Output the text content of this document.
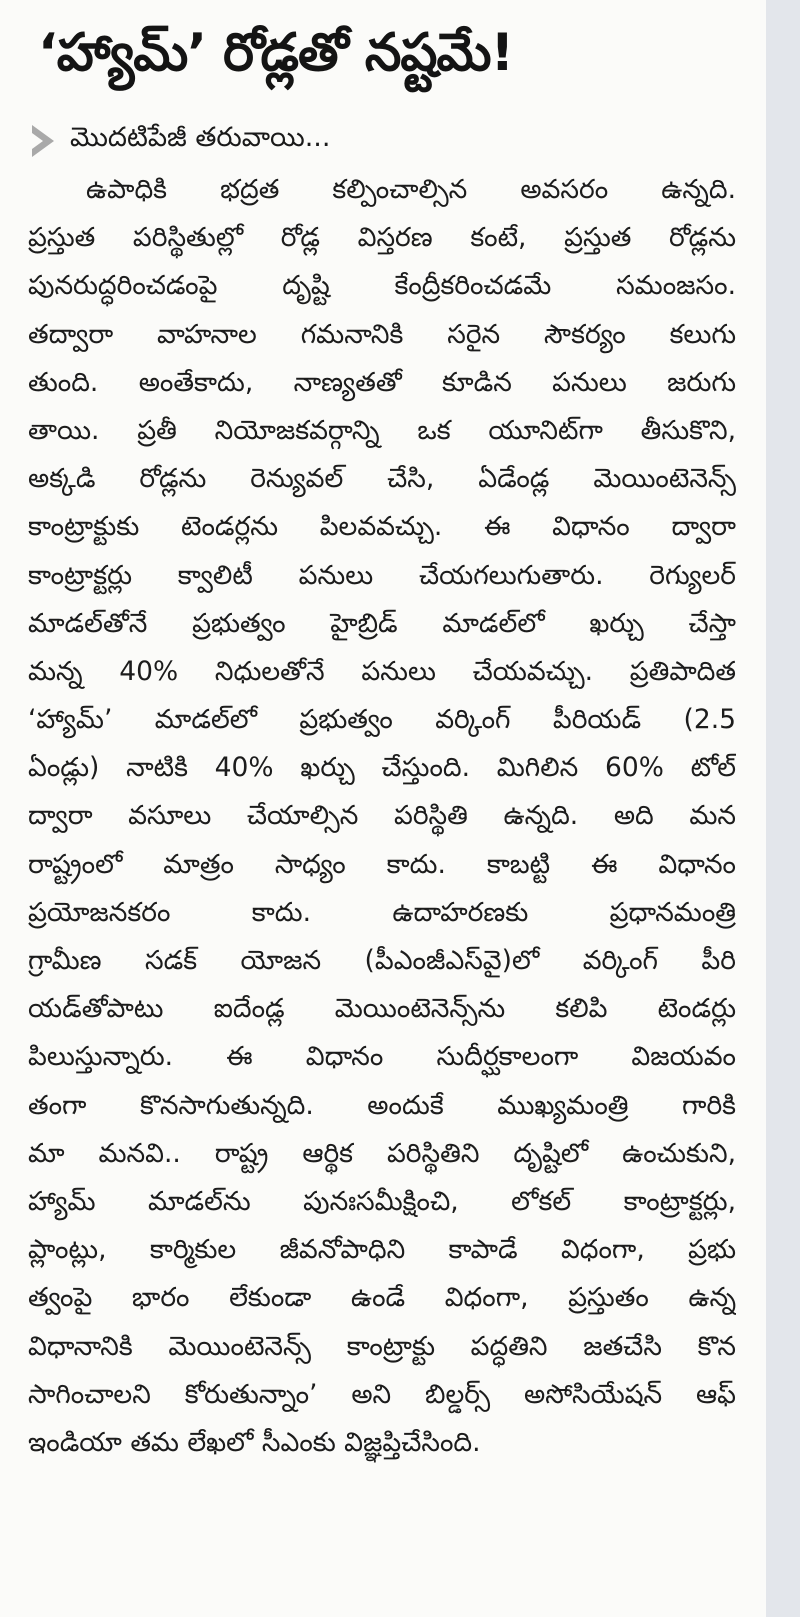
‘హ్యామ్’ రోడ్లతో నష్టమే!
మొదటిపేజీ తరువాయి...
ఉపాధికి భద్రత కల్పించాల్సిన అవసరం ఉన్నది.
ప్రస్తుత పరిస్థితుల్లో రోడ్ల విస్తరణ కంటే, ప్రస్తుత రోడ్లను
పునరుద్ధరించడంపై దృష్టి కేంద్రీకరించడమే సమంజసం.
తద్వారా వాహనాల గమనానికి సరైన సౌకర్యం కలుగు
తుంది. అంతేకాదు, నాణ్యతతో కూడిన పనులు జరుగు
తాయి. ప్రతీ నియోజకవర్గాన్ని ఒక యూనిట్‌గా తీసుకొని,
అక్కడి రోడ్లను రెన్యువల్ చేసి, ఏడేండ్ల మెయింటెనెన్స్
కాంట్రాక్టుకు టెండర్లను పిలవవచ్చు. ఈ విధానం ద్వారా
కాంట్రాక్టర్లు క్వాలిటీ పనులు చేయగలుగుతారు. రెగ్యులర్
మాడల్‌తోనే ప్రభుత్వం హైబ్రిడ్ మాడల్‌లో ఖర్చు చేస్తా
మన్న 40% నిధులతోనే పనులు చేయవచ్చు. ప్రతిపాదిత
‘హ్యామ్’ మాడల్‌లో ప్రభుత్వం వర్కింగ్ పీరియడ్ (2.5
ఏండ్లు) నాటికి 40% ఖర్చు చేస్తుంది. మిగిలిన 60% టోల్
ద్వారా వసూలు చేయాల్సిన పరిస్థితి ఉన్నది. అది మన
రాష్ట్రంలో మాత్రం సాధ్యం కాదు. కాబట్టి ఈ విధానం
ప్రయోజనకరం కాదు. ఉదాహరణకు ప్రధానమంత్రి
గ్రామీణ సడక్ యోజన (పీఎంజీఎస్‌వై)లో వర్కింగ్ పీరి
యడ్‌తోపాటు ఐదేండ్ల మెయింటెనెన్స్‌ను కలిపి టెండర్లు
పిలుస్తున్నారు. ఈ విధానం సుదీర్ఘకాలంగా విజయవం
తంగా కొనసాగుతున్నది. అందుకే ముఖ్యమంత్రి గారికి
మా మనవి.. రాష్ట్ర ఆర్థిక పరిస్థితిని దృష్టిలో ఉంచుకుని,
హ్యామ్ మాడల్‌ను పునఃసమీక్షించి, లోకల్ కాంట్రాక్టర్లు,
ప్లాంట్లు, కార్మికుల జీవనోపాధిని కాపాడే విధంగా, ప్రభు
త్వంపై భారం లేకుండా ఉండే విధంగా, ప్రస్తుతం ఉన్న
విధానానికి మెయింటెనెన్స్ కాంట్రాక్టు పద్ధతిని జతచేసి కొన
సాగించాలని కోరుతున్నాం’ అని బిల్డర్స్ అసోసియేషన్ ఆఫ్
ఇండియా తమ లేఖలో సీఎంకు విజ్ఞప్తిచేసింది.
